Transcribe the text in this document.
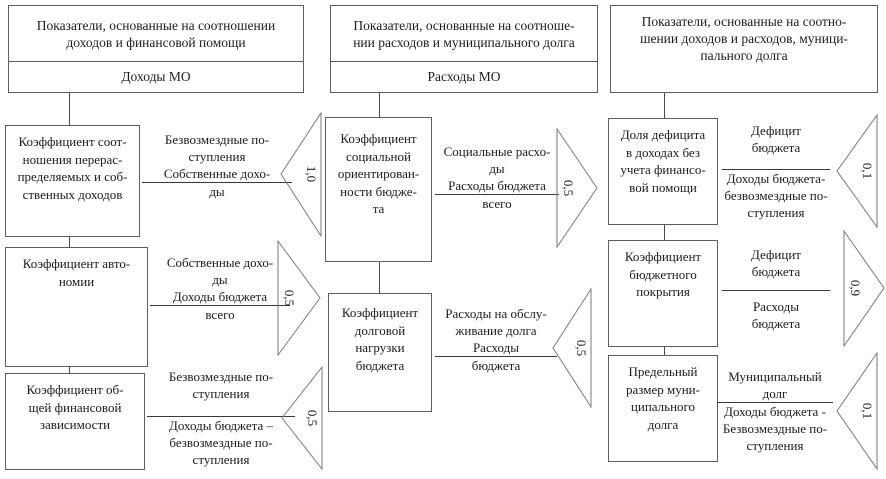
Показатели, основанные на соотношении
доходов и финансовой помощи
Доходы МО
Коэффициент соот-
ношения перерас-
пределяемых и соб-
ственных доходов
Безвозмездные по-
ступления
Собственные дохо-
ды
1,0
Коэффициент авто-
номии
Собственные дохо-
ды
Доходы бюджета
всего
0,5
Коэффициент об-
щей финансовой
зависимости
Безвозмездные по-
ступления
Доходы бюджета –
безвозмездные по-
ступления
0,5
Показатели, основанные на соотноше-
нии расходов и муниципального долга
Расходы МО
Коэффициент
социальной
ориентирован-
ности бюдже-
та
Социальные расхо-
ды
Расходы бюджета
всего
0,5
Коэффициент
долговой
нагрузки
бюджета
Расходы на обслу-
живание долга
Расходы
бюджета
0,5
Показатели, основанные на соотно-
шении доходов и расходов, муници-
пального долга
Доля дефицита
в доходах без
учета финансо-
вой помощи
Дефицит
бюджета
Доходы бюджета-
безвозмездные по-
ступления
0,1
Коэффициент
бюджетного
покрытия
Дефицит
бюджета
Расходы
бюджета
0,9
Предельный
размер муни-
ципального
долга
Муниципальный
долг
Доходы бюджета -
Безвозмездные по-
ступления
0,1
